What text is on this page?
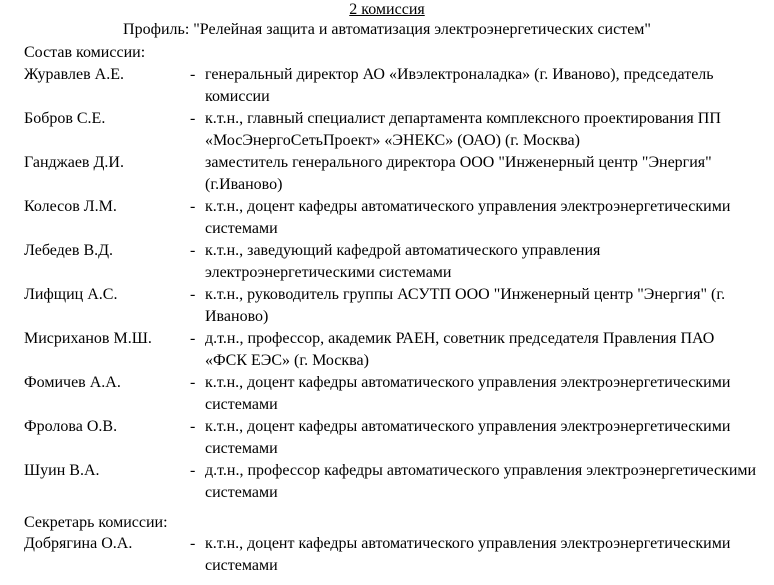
2 комиссия
Профиль: "Релейная защита и автоматизация электроэнергетических систем"
Состав комиссии:
Журавлев А.Е.	- генеральный директор АО «Ивэлектроналадка» (г. Иваново), председатель комиссии
Бобров С.Е.	- к.т.н., главный специалист департамента комплексного проектирования ПП «МосЭнергоСетьПроект» «ЭНЕКС» (ОАО) (г. Москва)
Ганджаев Д.И.	заместитель генерального директора ООО "Инженерный центр "Энергия" (г.Иваново)
Колесов Л.М.	- к.т.н., доцент кафедры автоматического управления электроэнергетическими системами
Лебедев В.Д.	- к.т.н., заведующий кафедрой автоматического управления электроэнергетическими системами
Лифщиц А.С.	- к.т.н., руководитель группы АСУТП ООО "Инженерный центр "Энергия" (г. Иваново)
Мисриханов М.Ш. - д.т.н., профессор, академик РАЕН, советник председателя Правления ПАО «ФСК ЕЭС» (г. Москва)
Фомичев А.А.	- к.т.н., доцент кафедры автоматического управления электроэнергетическими системами
Фролова О.В.	- к.т.н., доцент кафедры автоматического управления электроэнергетическими системами
Шуин В.А.	- д.т.н., профессор кафедры автоматического управления электроэнергетическими системами
Секретарь комиссии:
Добрягина О.А.	- к.т.н., доцент кафедры автоматического управления электроэнергетическими системами
